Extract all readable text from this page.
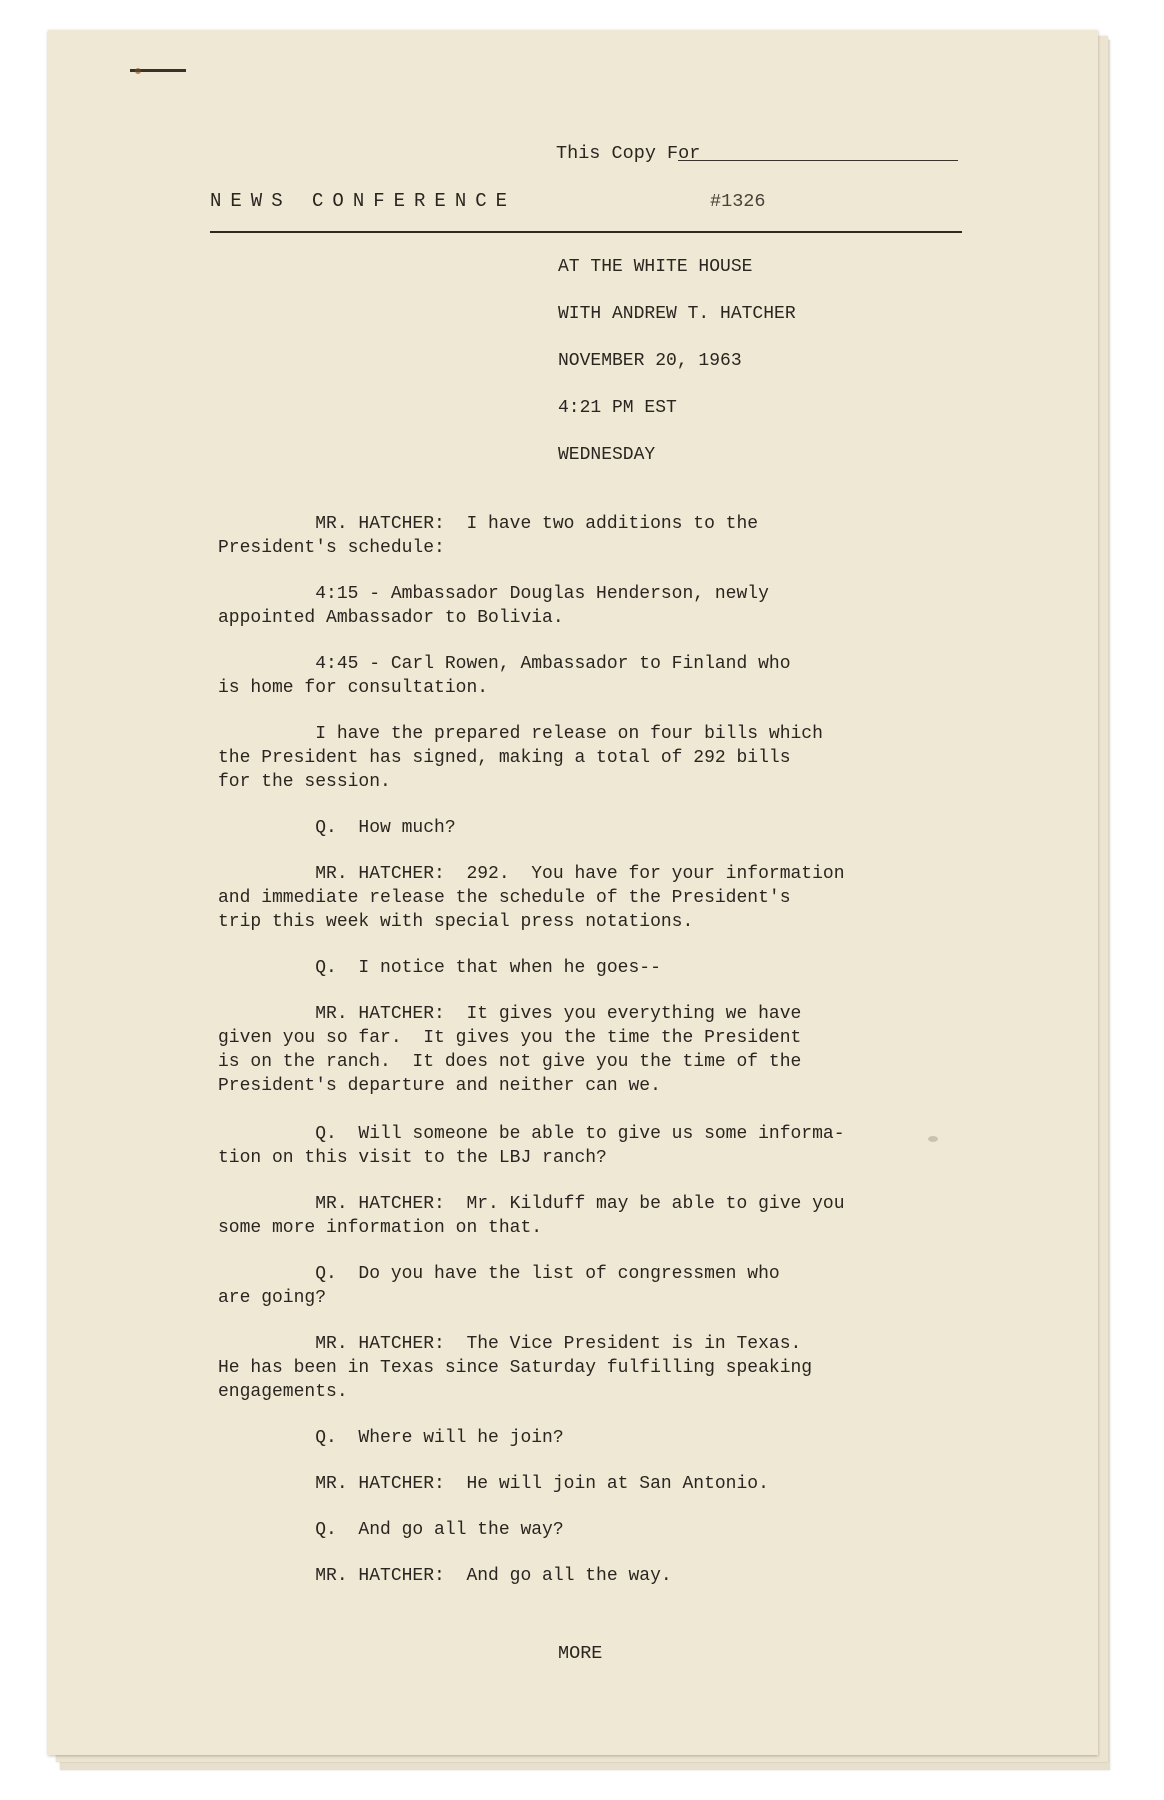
This Copy For
NEWS CONFERENCE	#1326
AT THE WHITE HOUSE
WITH ANDREW T. HATCHER
NOVEMBER 20, 1963
4:21 PM EST
WEDNESDAY
MR. HATCHER:  I have two additions to the
President's schedule:
4:15 - Ambassador Douglas Henderson, newly
appointed Ambassador to Bolivia.
4:45 - Carl Rowen, Ambassador to Finland who
is home for consultation.
I have the prepared release on four bills which
the President has signed, making a total of 292 bills
for the session.
Q.  How much?
MR. HATCHER:  292.  You have for your information
and immediate release the schedule of the President's
trip this week with special press notations.
Q.  I notice that when he goes--
MR. HATCHER:  It gives you everything we have
given you so far.  It gives you the time the President
is on the ranch.  It does not give you the time of the
President's departure and neither can we.
Q.  Will someone be able to give us some informa-
tion on this visit to the LBJ ranch?
MR. HATCHER:  Mr. Kilduff may be able to give you
some more information on that.
Q.  Do you have the list of congressmen who
are going?
MR. HATCHER:  The Vice President is in Texas.
He has been in Texas since Saturday fulfilling speaking
engagements.
Q.  Where will he join?
MR. HATCHER:  He will join at San Antonio.
Q.  And go all the way?
MR. HATCHER:  And go all the way.
MORE
